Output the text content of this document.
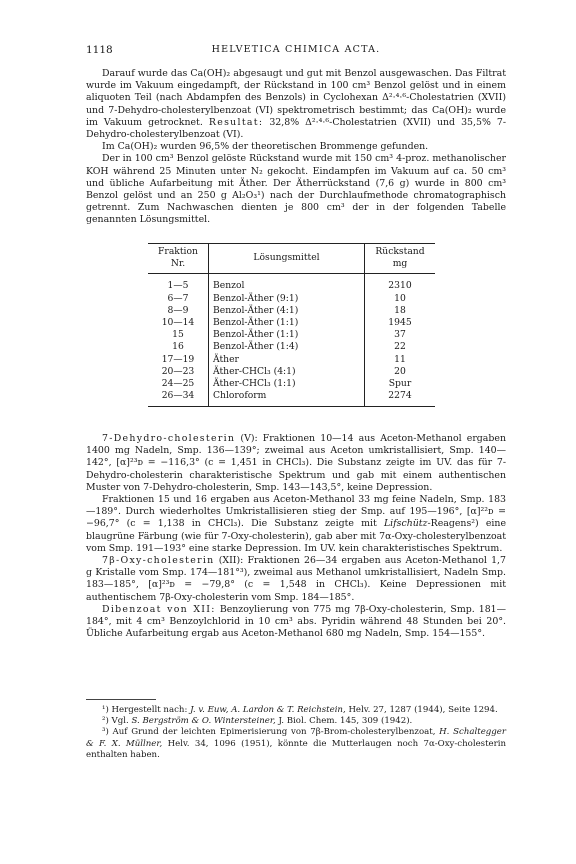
1118	HELVETICA CHIMICA ACTA.

Darauf wurde das Ca(OH)₂ abgesaugt und gut mit Benzol ausgewaschen. Das Filtrat wurde im Vakuum eingedampft, der Rückstand in 100 cm³ Benzol gelöst und in einem aliquoten Teil (nach Abdampfen des Benzols) in Cyclohexan Δ²·⁴·⁶-Cholestatrien (XVII) und 7-Dehydro-cholesterylbenzoat (VI) spektrometrisch bestimmt; das Ca(OH)₂ wurde im Vakuum getrocknet. Resultat: 32,8% Δ²·⁴·⁶-Cholestatrien (XVII) und 35,5% 7-Dehydro-cholesterylbenzoat (VI).

Im Ca(OH)₂ wurden 96,5% der theoretischen Brommenge gefunden.

Der in 100 cm³ Benzol gelöste Rückstand wurde mit 150 cm³ 4-proz. methanolischer KOH während 25 Minuten unter N₂ gekocht. Eindampfen im Vakuum auf ca. 50 cm³ und übliche Aufarbeitung mit Äther. Der Ätherrückstand (7,6 g) wurde in 800 cm³ Benzol gelöst und an 250 g Al₂O₃¹) nach der Durchlaufmethode chromatographisch getrennt. Zum Nachwaschen dienten je 800 cm³ der in der folgenden Tabelle genannten Lösungsmittel.

Fraktion
Nr.	Lösungsmittel	Rückstand
mg
1—5	Benzol	2310
6—7	Benzol-Äther (9:1)	10
8—9	Benzol-Äther (4:1)	18
10—14	Benzol-Äther (1:1)	1945
15	Benzol-Äther (1:1)	37
16	Benzol-Äther (1:4)	22
17—19	Äther	11
20—23	Äther-CHCl₃ (4:1)	20
24—25	Äther-CHCl₃ (1:1)	Spur
26—34	Chloroform	2274

7-Dehydro-cholesterin (V): Fraktionen 10—14 aus Aceton-Methanol ergaben 1400 mg Nadeln, Smp. 136—139°; zweimal aus Aceton umkristallisiert, Smp. 140—142°, [α]²³ᴅ = −116,3° (c = 1,451 in CHCl₃). Die Substanz zeigte im UV. das für 7-Dehydro-cholesterin charakteristische Spektrum und gab mit einem authentischen Muster von 7-Dehydro-cholesterin, Smp. 143—143,5°, keine Depression.

Fraktionen 15 und 16 ergaben aus Aceton-Methanol 33 mg feine Nadeln, Smp. 183—189°. Durch wiederholtes Umkristallisieren stieg der Smp. auf 195—196°, [α]²²ᴅ = −96,7° (c = 1,138 in CHCl₃). Die Substanz zeigte mit Lifschütz-Reagens²) eine blaugrüne Färbung (wie für 7-Oxy-cholesterin), gab aber mit 7α-Oxy-cholesterylbenzoat vom Smp. 191—193° eine starke Depression. Im UV. kein charakteristisches Spektrum.

7β-Oxy-cholesterin (XII): Fraktionen 26—34 ergaben aus Aceton-Methanol 1,7 g Kristalle vom Smp. 174—181°³), zweimal aus Methanol umkristallisiert, Nadeln Smp. 183—185°, [α]²³ᴅ = −79,8° (c = 1,548 in CHCl₃). Keine Depressionen mit authentischem 7β-Oxy-cholesterin vom Smp. 184—185°.

Dibenzoat von XII: Benzoylierung von 775 mg 7β-Oxy-cholesterin, Smp. 181—184°, mit 4 cm³ Benzoylchlorid in 10 cm³ abs. Pyridin während 48 Stunden bei 20°. Übliche Aufarbeitung ergab aus Aceton-Methanol 680 mg Nadeln, Smp. 154—155°.

¹) Hergestellt nach: J. v. Euw, A. Lardon & T. Reichstein, Helv. 27, 1287 (1944), Seite 1294.

²) Vgl. S. Bergström & O. Wintersteiner, J. Biol. Chem. 145, 309 (1942).

³) Auf Grund der leichten Epimerisierung von 7β-Brom-cholesterylbenzoat, H. Schaltegger & F. X. Müllner, Helv. 34, 1096 (1951), könnte die Mutterlaugen noch 7α-Oxy-cholesterin enthalten haben.
